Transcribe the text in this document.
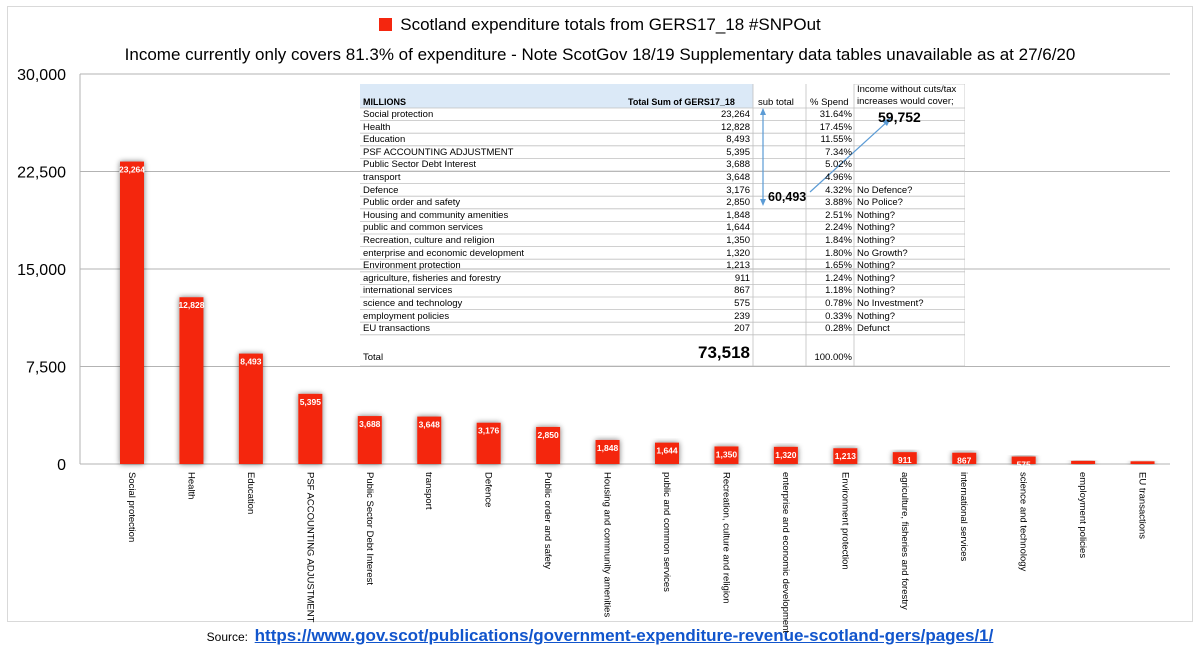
Scotland expenditure totals from GERS17_18 #SNPOut
Income currently only covers 81.3% of expenditure - Note ScotGov 18/19 Supplementary data tables unavailable as at 27/6/20
0
7,500
15,000
22,500
30,000
23,264
12,828
8,493
5,395
3,688	3,648
3,176	2,850
1,848	1,644	1,350	1,320	1,213	911	867	575	239	207
Social protection	Health	Education	PSF ACCOUNTING ADJUSTMENT	Public Sector Debt Interest	transport	Defence	Public order and safety	Housing and community amenities	public and common services	Recreation, culture and religion	enterprise and economic development	Environment protection	agriculture, fisheries and forestry	international services	science and technology	employment policies	EU transactions
MILLIONS	Total Sum of GERS17_18 sub total % Spend
Income without cuts/tax increases would cover;
Social protection	23,264	31.64%
Health	12,828	17.45%
Education	8,493	11.55%
PSF ACCOUNTING ADJUSTMENT	5,395	7.34%
Public Sector Debt Interest	3,688	5.02%
transport	3,648	4.96%
Defence	3,176	4.32% No Defence?
Public order and safety	2,850	3.88% No Police?
Housing and community amenities	1,848	2.51% Nothing?
public and common services	1,644	2.24% Nothing?
Recreation, culture and religion	1,350	1.84% Nothing?
enterprise and economic development	1,320	1.80% No Growth?
Environment protection	1,213	1.65% Nothing?
agriculture, fisheries and forestry	911	1.24% Nothing?
international services	867	1.18% Nothing?
science and technology	575	0.78% No Investment?
employment policies	239	0.33% Nothing?
EU transactions	207	0.28% Defunct
Total	73,518	100.00%
60,493
59,752
Source: https://www.gov.scot/publications/government-expenditure-revenue-scotland-gers/pages/1/
